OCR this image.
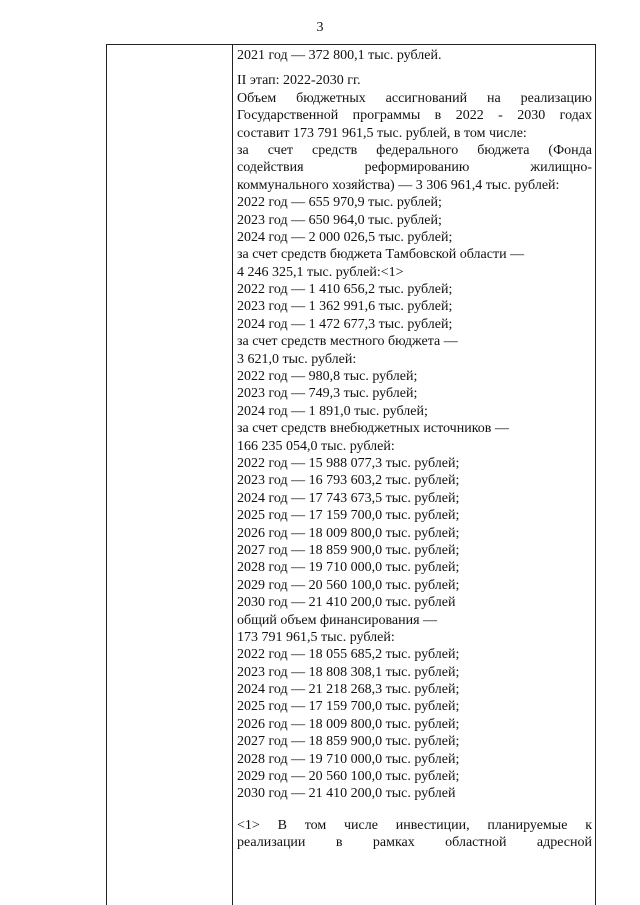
3
2021 год — 372 800,1 тыс. рублей.
II этап: 2022-2030 гг.
Объем бюджетных ассигнований на реализацию
Государственной программы в 2022 - 2030 годах
составит 173 791 961,5 тыс. рублей, в том числе:
за счет средств федерального бюджета (Фонда
содействия реформированию жилищно-
коммунального хозяйства) — 3 306 961,4 тыс. рублей:
2022 год — 655 970,9 тыс. рублей;
2023 год — 650 964,0 тыс. рублей;
2024 год — 2 000 026,5 тыс. рублей;
за счет средств бюджета Тамбовской области —
4 246 325,1 тыс. рублей:<1>
2022 год — 1 410 656,2 тыс. рублей;
2023 год — 1 362 991,6 тыс. рублей;
2024 год — 1 472 677,3 тыс. рублей;
за счет средств местного бюджета —
3 621,0 тыс. рублей:
2022 год — 980,8 тыс. рублей;
2023 год — 749,3 тыс. рублей;
2024 год — 1 891,0 тыс. рублей;
за счет средств внебюджетных источников —
166 235 054,0 тыс. рублей:
2022 год — 15 988 077,3 тыс. рублей;
2023 год — 16 793 603,2 тыс. рублей;
2024 год — 17 743 673,5 тыс. рублей;
2025 год — 17 159 700,0 тыс. рублей;
2026 год — 18 009 800,0 тыс. рублей;
2027 год — 18 859 900,0 тыс. рублей;
2028 год — 19 710 000,0 тыс. рублей;
2029 год — 20 560 100,0 тыс. рублей;
2030 год — 21 410 200,0 тыс. рублей
общий объем финансирования —
173 791 961,5 тыс. рублей:
2022 год — 18 055 685,2 тыс. рублей;
2023 год — 18 808 308,1 тыс. рублей;
2024 год — 21 218 268,3 тыс. рублей;
2025 год — 17 159 700,0 тыс. рублей;
2026 год — 18 009 800,0 тыс. рублей;
2027 год — 18 859 900,0 тыс. рублей;
2028 год — 19 710 000,0 тыс. рублей;
2029 год — 20 560 100,0 тыс. рублей;
2030 год — 21 410 200,0 тыс. рублей
<1> В том числе инвестиции, планируемые к
реализации в рамках областной адресной
